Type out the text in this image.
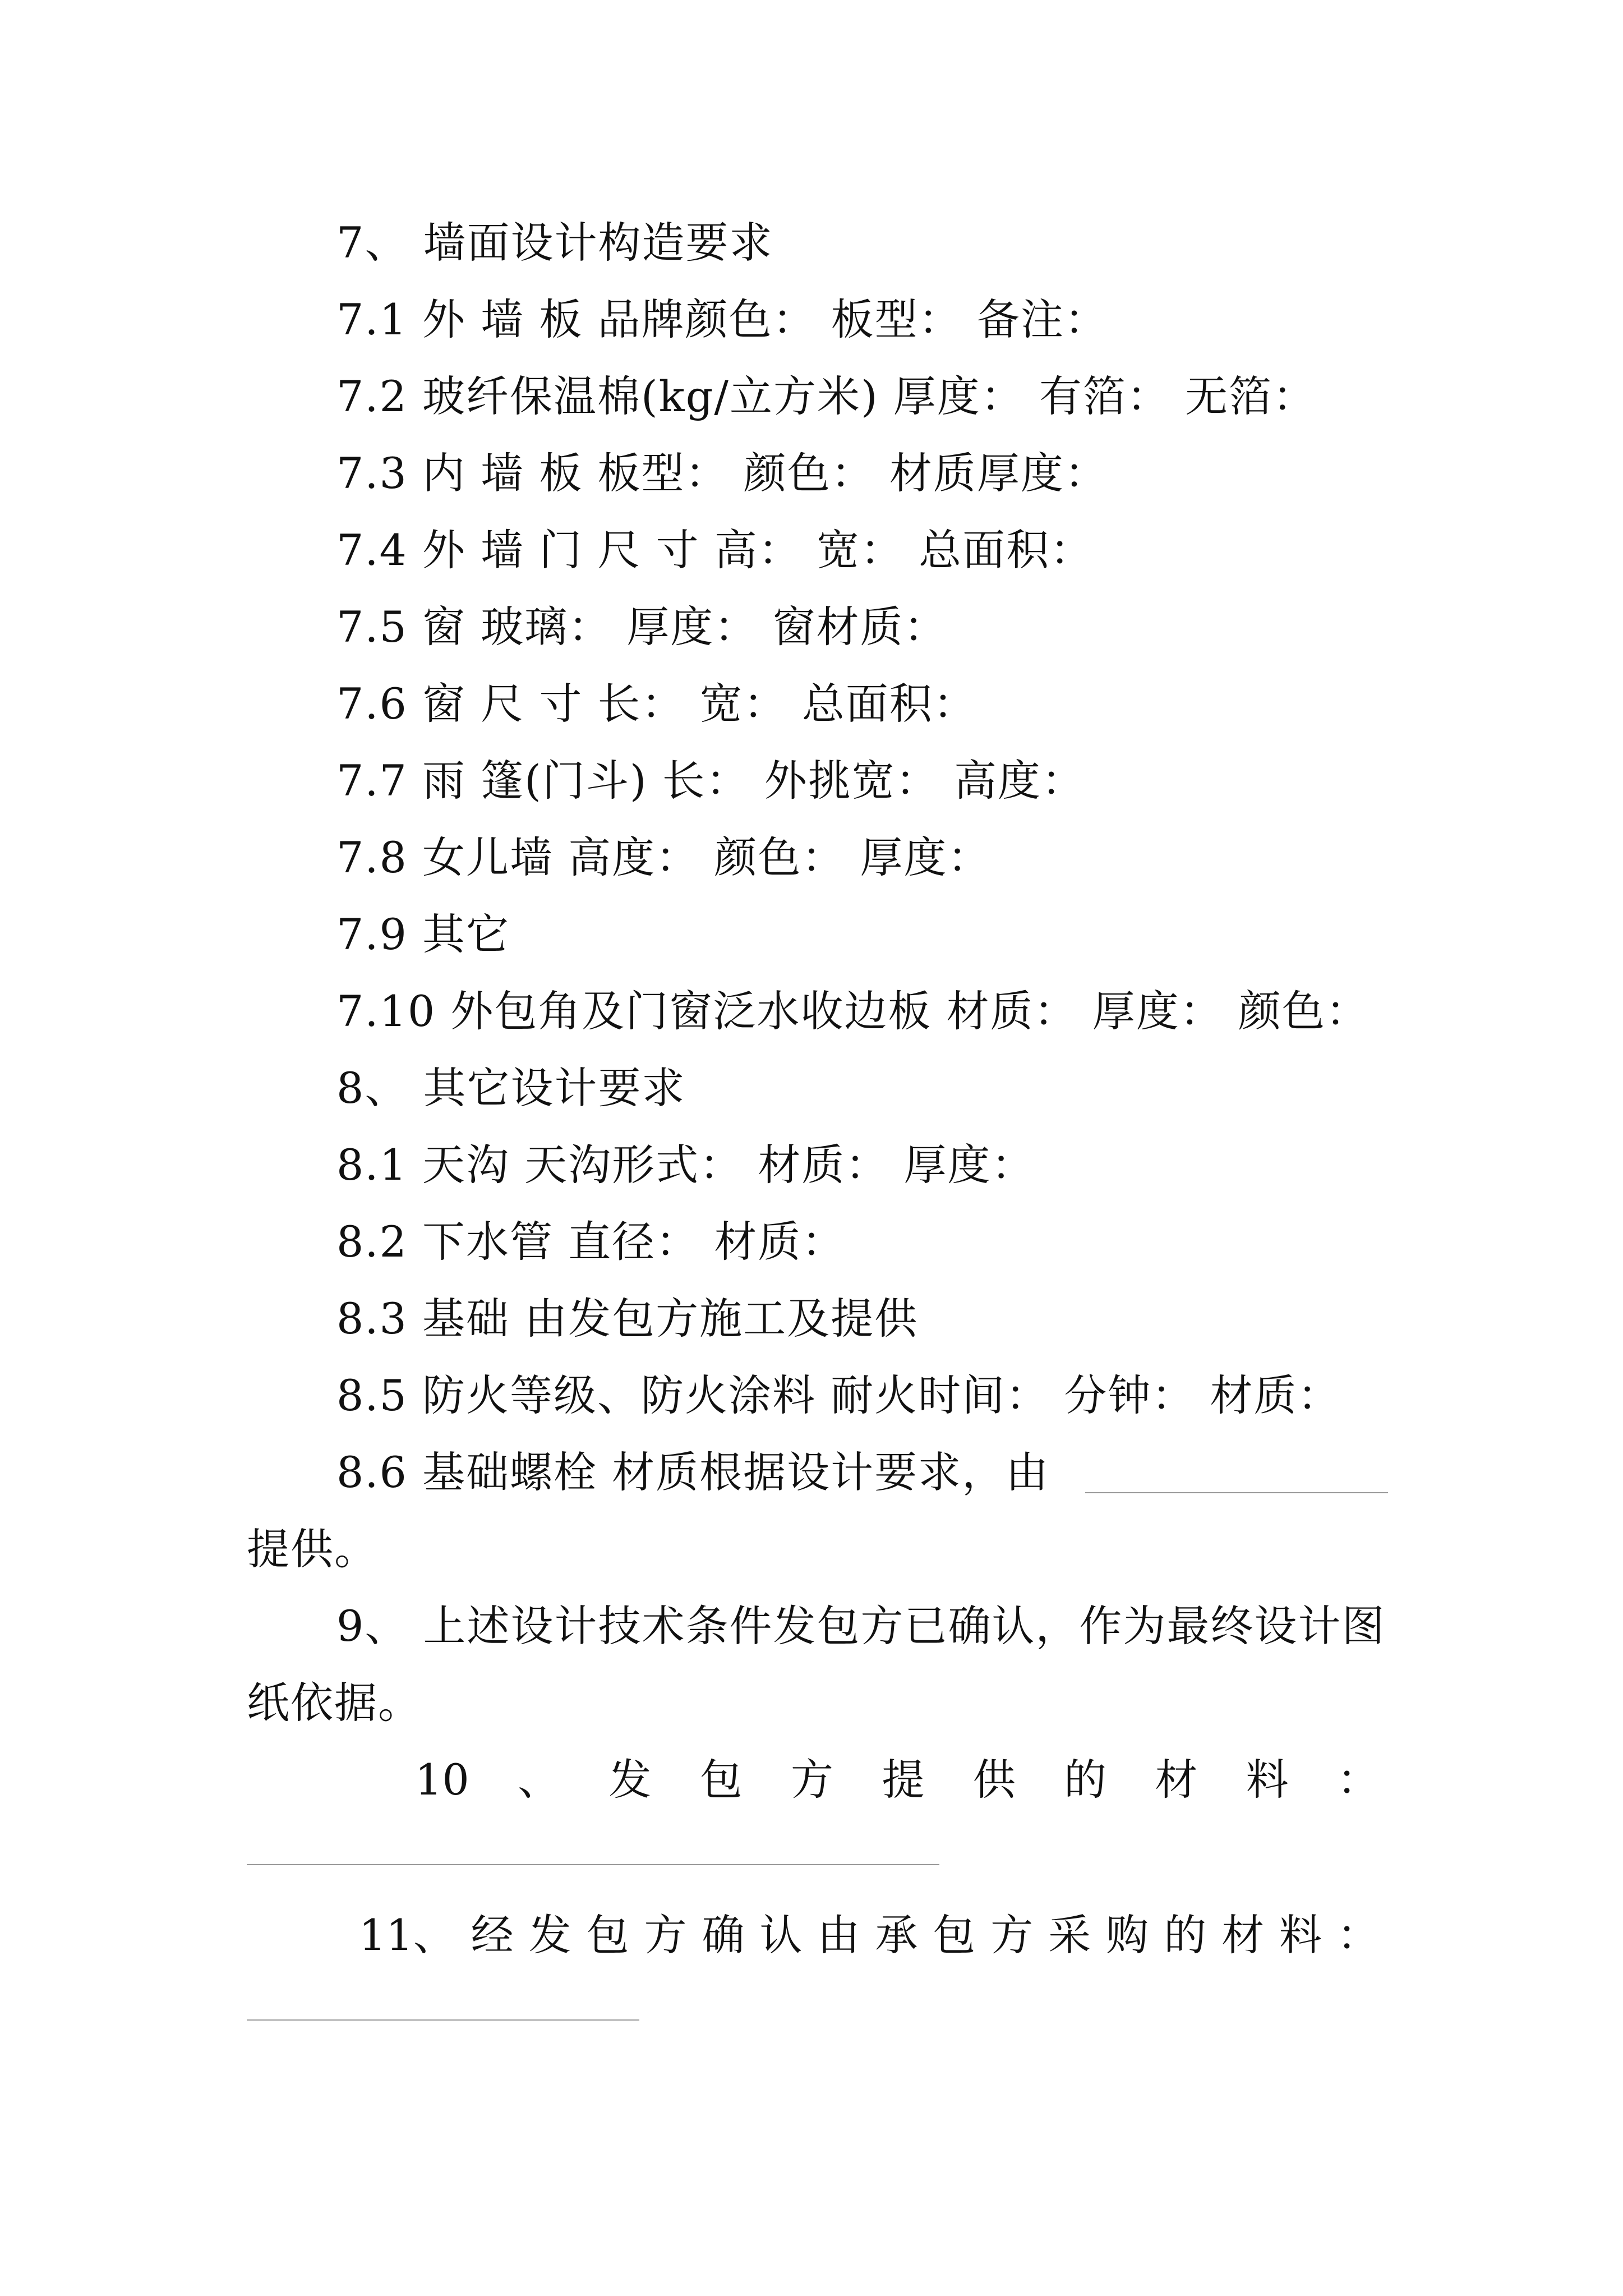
7、 墙面设计构造要求
7.1 外 墙 板 品牌颜色： 板型： 备注：
7.2 玻纤保温棉(kg/立方米) 厚度： 有箔： 无箔：
7.3 内 墙 板 板型： 颜色： 材质厚度：
7.4 外 墙 门 尺 寸 高： 宽： 总面积：
7.5 窗 玻璃： 厚度： 窗材质：
7.6 窗 尺 寸 长： 宽： 总面积：
7.7 雨 篷(门斗) 长： 外挑宽： 高度：
7.8 女儿墙 高度： 颜色： 厚度：
7.9 其它
7.10 外包角及门窗泛水收边板 材质： 厚度： 颜色：
8、 其它设计要求
8.1 天沟 天沟形式： 材质： 厚度：
8.2 下水管 直径： 材质：
8.3 基础 由发包方施工及提供
8.5 防火等级、防火涂料 耐火时间： 分钟： 材质：
8.6 基础螺栓 材质根据设计要求，由
提供。
9、 上述设计技术条件发包方已确认，作为最终设计图
纸依据。
10 、 发 包 方 提 供 的 材 料 ：
11、 经 发 包 方 确 认 由 承 包 方 采 购 的 材 料 ：
